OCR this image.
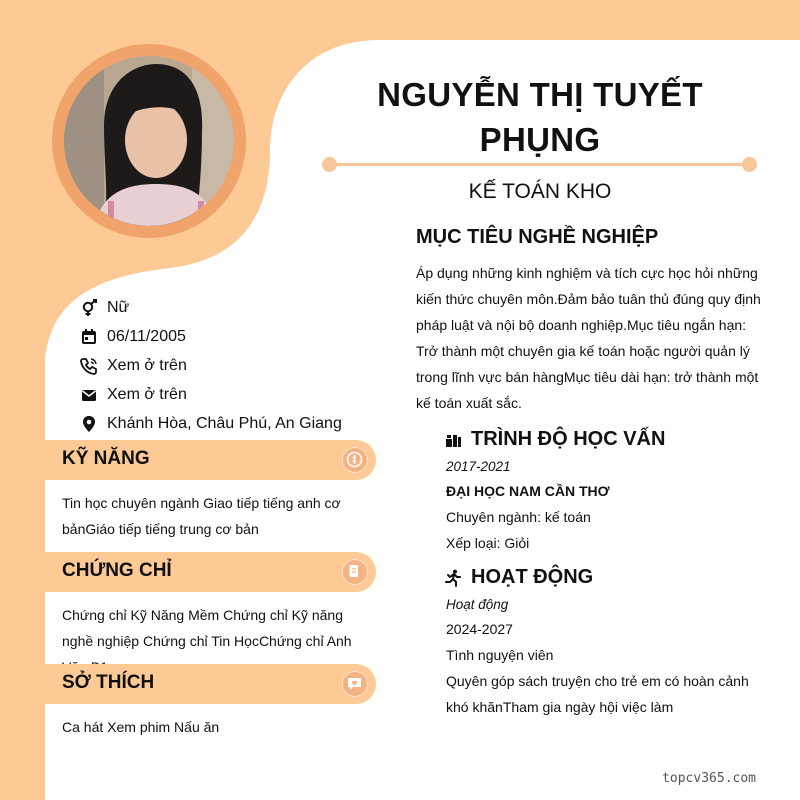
NGUYỄN THỊ TUYẾT
PHỤNG
KẾ TOÁN KHO
Nữ
06/11/2005
Xem ở trên
Xem ở trên
Khánh Hòa, Châu Phú, An Giang
KỸ NĂNG
Tin học chuyên ngành Giao tiếp tiếng anh cơ bảnGiáo tiếp tiếng trung cơ bản
CHỨNG CHỈ
Chứng chỉ Kỹ Năng Mềm Chứng chỉ Kỹ năng nghề nghiệp Chứng chỉ Tin HọcChứng chỉ Anh
SỞ THÍCH
Ca hát Xem phim Nấu ăn
MỤC TIÊU NGHỀ NGHIỆP
Áp dụng những kinh nghiệm và tích cực học hỏi những kiến thức chuyên môn.Đảm bảo tuân thủ đúng quy định pháp luật và nội bộ doanh nghiệp.Mục tiêu ngắn hạn: Trở thành một chuyên gia kế toán hoặc người quản lý trong lĩnh vực bán hàngMục tiêu dài hạn: trở thành một kế toán xuất sắc.
TRÌNH ĐỘ HỌC VẤN
2017-2021
ĐẠI HỌC NAM CẦN THƠ
Chuyên ngành: kế toán
Xếp loại: Giỏi
HOẠT ĐỘNG
Hoạt động
2024-2027
Tình nguyện viên
Quyên góp sách truyện cho trẻ em có hoàn cảnh khó khănTham gia ngày hội việc làm
topcv365.com
